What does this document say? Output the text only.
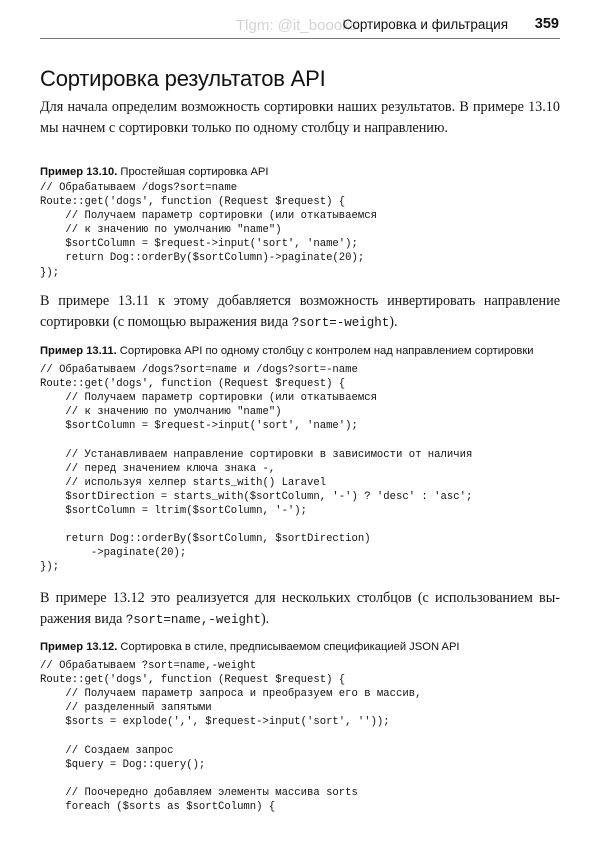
Tlgm: @it_boooks
Сортировка и фильтрация 359
Сортировка результатов API

Для начала определим возможность сортировки наших результатов. В примере 13.10 мы начнем с сортировки только по одному столбцу и направлению.

Пример 13.10. Простейшая сортировка API
// Обрабатываем /dogs?sort=name
Route::get('dogs', function (Request $request) {
// Получаем параметр сортировки (или откатываемся
// к значению по умолчанию "name")
$sortColumn = $request->input('sort', 'name');
return Dog::orderBy($sortColumn)->paginate(20);
});

В примере 13.11 к этому добавляется возможность инвертировать направление сортировки (с помощью выражения вида ?sort=-weight).

Пример 13.11. Сортировка API по одному столбцу с контролем над направлением сортировки
// Обрабатываем /dogs?sort=name и /dogs?sort=-name
Route::get('dogs', function (Request $request) {
// Получаем параметр сортировки (или откатываемся
// к значению по умолчанию "name")
$sortColumn = $request->input('sort', 'name');
// Устанавливаем направление сортировки в зависимости от наличия
// перед значением ключа знака -,
// используя хелпер starts_with() Laravel
$sortDirection = starts_with($sortColumn, '-') ? 'desc' : 'asc';
$sortColumn = ltrim($sortColumn, '-');
return Dog::orderBy($sortColumn, $sortDirection)
->paginate(20);
});

В примере 13.12 это реализуется для нескольких столбцов (с использованием выражения вида ?sort=name,-weight).

Пример 13.12. Сортировка в стиле, предписываемом спецификацией JSON API
// Обрабатываем ?sort=name,-weight
Route::get('dogs', function (Request $request) {
// Получаем параметр запроса и преобразуем его в массив,
// разделенный запятыми
$sorts = explode(',', $request->input('sort', ''));
// Создаем запрос
$query = Dog::query();
// Поочередно добавляем элементы массива sorts
foreach ($sorts as $sortColumn) {
